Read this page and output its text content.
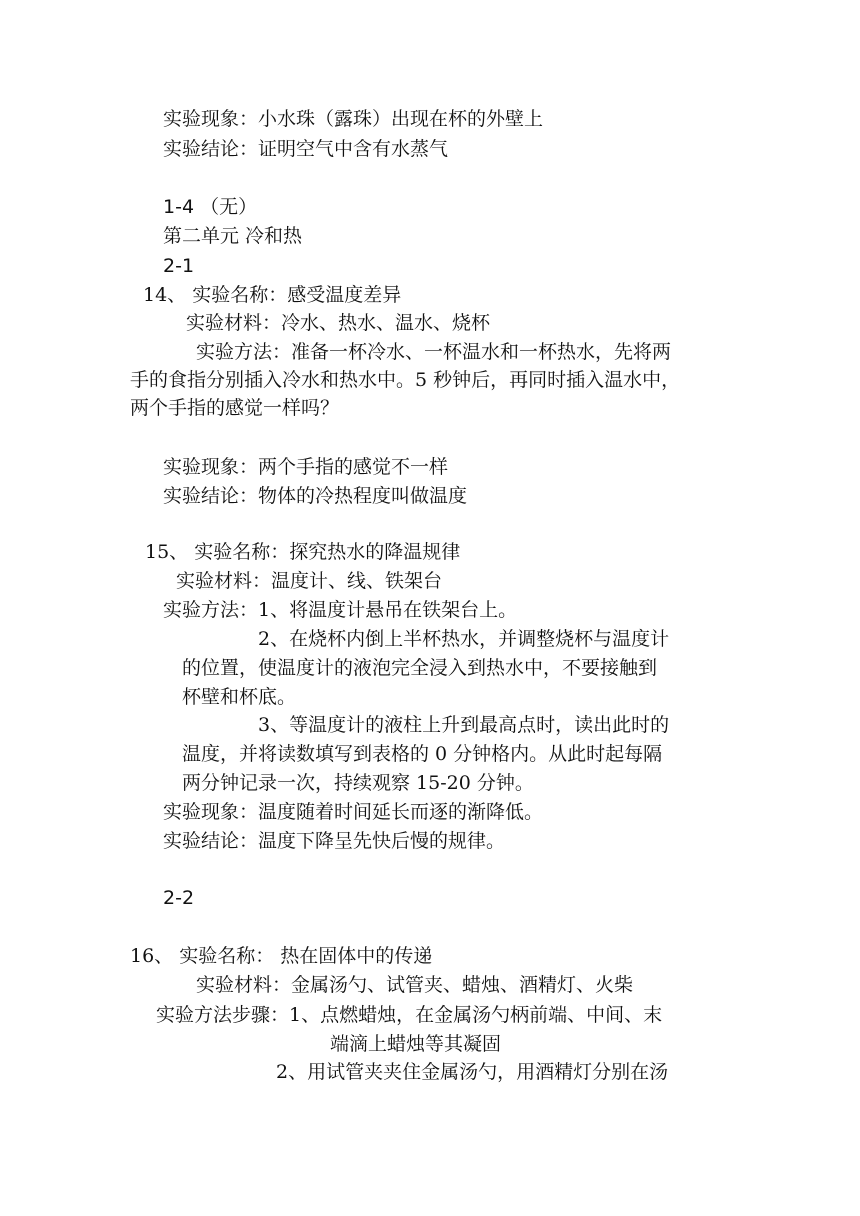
实验现象：小水珠（露珠）出现在杯的外壁上
实验结论：证明空气中含有水蒸气
1-4 （无）
第二单元 冷和热
2-1
14、 实验名称：感受温度差异
实验材料：冷水、热水、温水、烧杯
实验方法：准备一杯冷水、一杯温水和一杯热水，先将两
手的食指分别插入冷水和热水中。5 秒钟后，再同时插入温水中，
两个手指的感觉一样吗？
实验现象：两个手指的感觉不一样
实验结论：物体的冷热程度叫做温度
15、 实验名称：探究热水的降温规律
实验材料：温度计、线、铁架台
实验方法：1、将温度计悬吊在铁架台上。
2、在烧杯内倒上半杯热水，并调整烧杯与温度计
的位置，使温度计的液泡完全浸入到热水中，不要接触到
杯壁和杯底。
3、等温度计的液柱上升到最高点时，读出此时的
温度，并将读数填写到表格的 0 分钟格内。从此时起每隔
两分钟记录一次，持续观察 15-20 分钟。
实验现象：温度随着时间延长而逐的渐降低。
实验结论：温度下降呈先快后慢的规律。
2-2
16、 实验名称： 热在固体中的传递
实验材料：金属汤勺、试管夹、蜡烛、酒精灯、火柴
实验方法步骤：1、点燃蜡烛，在金属汤勺柄前端、中间、末
端滴上蜡烛等其凝固
2、用试管夹夹住金属汤勺，用酒精灯分别在汤
